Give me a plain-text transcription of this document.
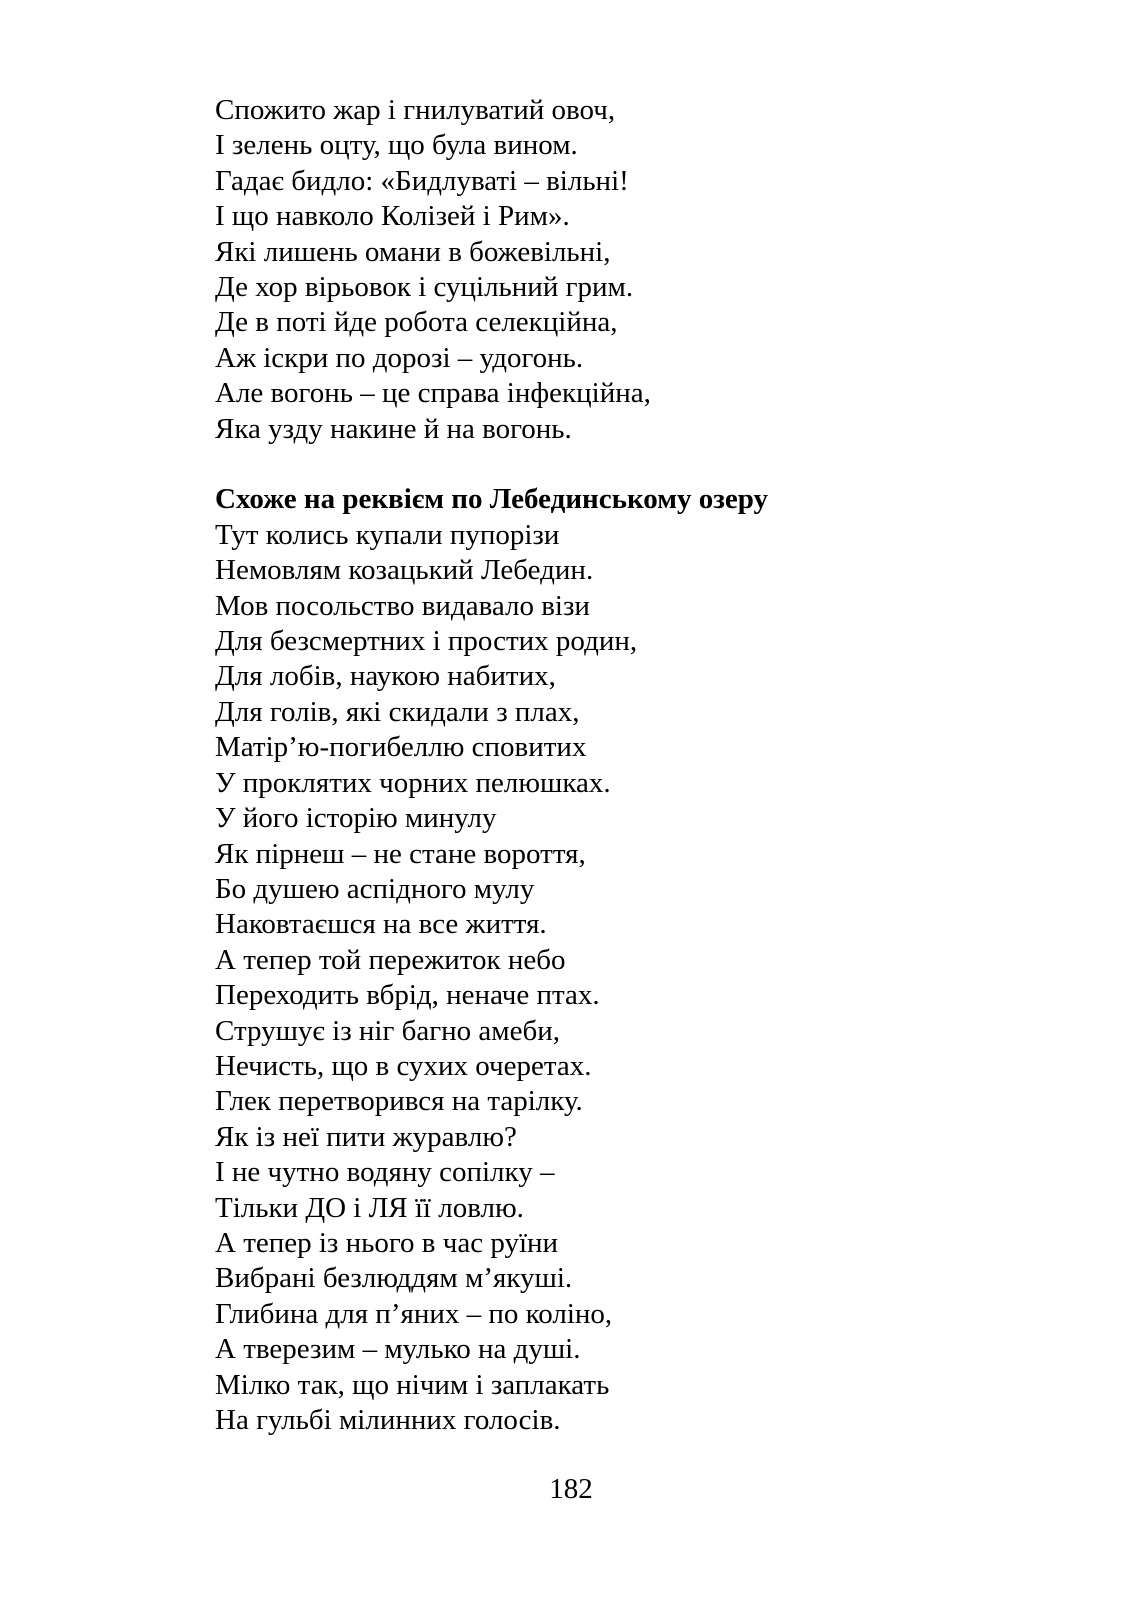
Спожито жар і гнилуватий овоч,
І зелень оцту, що була вином.
Гадає бидло: «Бидлуваті – вільні!
І що навколо Колізей і Рим».
Які лишень омани в божевільні,
Де хор вірьовок і суцільний грим.
Де в поті йде робота селекційна,
Аж іскри по дорозі – удогонь.
Але вогонь – це справа інфекційна,
Яка узду накине й на вогонь.
Схоже на реквієм по Лебединському озеру
Тут колись купали пупорізи
Немовлям козацький Лебедин.
Мов посольство видавало візи
Для безсмертних і простих родин,
Для лобів, наукою набитих,
Для голів, які скидали з плах,
Матір’ю-погибеллю сповитих
У проклятих чорних пелюшках.
У його історію минулу
Як пірнеш – не стане вороття,
Бо душею аспідного мулу
Наковтаєшся на все життя.
А тепер той пережиток небо
Переходить вбрід, неначе птах.
Струшує із ніг багно амеби,
Нечисть, що в сухих очеретах.
Глек перетворився на тарілку.
Як із неї пити журавлю?
І не чутно водяну сопілку –
Тільки ДО і ЛЯ її ловлю.
А тепер із нього в час руїни
Вибрані безлюддям м’якуші.
Глибина для п’яних – по коліно,
А тверезим – мулько на душі.
Мілко так, що нічим і заплакать
На гульбі мілинних голосів.
182
